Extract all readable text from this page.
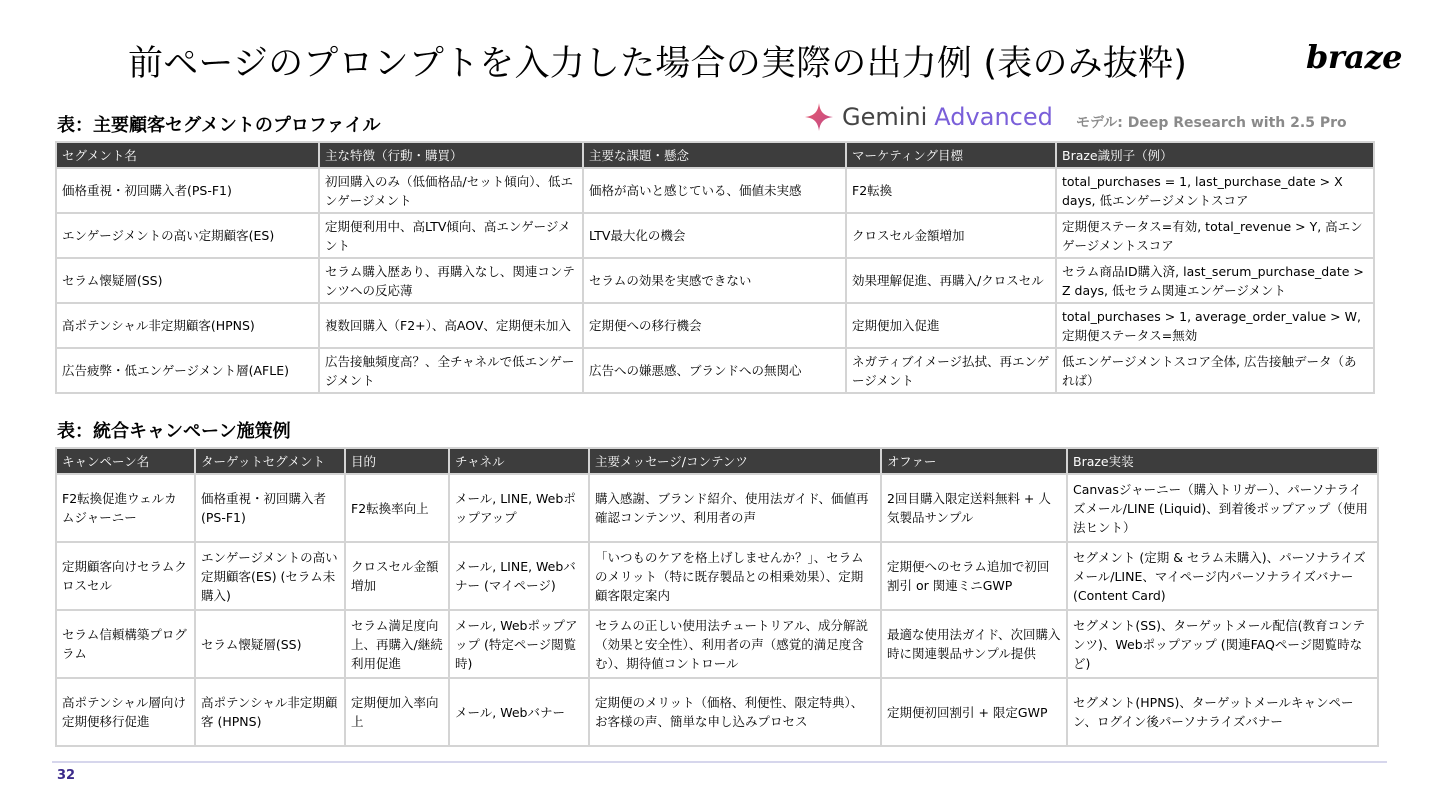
前ページのプロンプトを入力した場合の実際の出力例 (表のみ抜粋)	braze
表：主要顧客セグメントのプロファイル	Gemini Advanced モデル: Deep Research with 2.5 Pro
セグメント名	主な特徴（行動・購買）	主要な課題・懸念	マーケティング目標	Braze識別子（例）
価格重視・初回購入者(PS-F1)	初回購入のみ（低価格品/セット傾向）、低エンゲージメント	価格が高いと感じている、価値未実感	F2転換	total_purchases = 1, last_purchase_date > X days, 低エンゲージメントスコア
エンゲージメントの高い定期顧客(ES)	定期便利用中、高LTV傾向、高エンゲージメント	LTV最大化の機会	クロスセル金額増加	定期便ステータス=有効, total_revenue > Y, 高エンゲージメントスコア
セラム懐疑層(SS)	セラム購入歴あり、再購入なし、関連コンテンツへの反応薄	セラムの効果を実感できない	効果理解促進、再購入/クロスセル	セラム商品ID購入済, last_serum_purchase_date > Z days, 低セラム関連エンゲージメント
高ポテンシャル非定期顧客(HPNS)	複数回購入（F2+）、高AOV、定期便未加入	定期便への移行機会	定期便加入促進	total_purchases > 1, average_order_value > W, 定期便ステータス=無効
広告疲弊・低エンゲージメント層(AFLE)	広告接触頻度高？、全チャネルで低エンゲージメント	広告への嫌悪感、ブランドへの無関心	ネガティブイメージ払拭、再エンゲージメント	低エンゲージメントスコア全体, 広告接触データ（あれば）
表：統合キャンペーン施策例
キャンペーン名	ターゲットセグメント	目的	チャネル	主要メッセージ/コンテンツ	オファー	Braze実装
F2転換促進ウェルカムジャーニー	価格重視・初回購入者(PS-F1)	F2転換率向上	メール, LINE, Webポップアップ	購入感謝、ブランド紹介、使用法ガイド、価値再確認コンテンツ、利用者の声	2回目購入限定送料無料 + 人気製品サンプル	Canvasジャーニー（購入トリガー）、パーソナライズメール/LINE (Liquid)、到着後ポップアップ（使用法ヒント）
定期顧客向けセラムクロスセル	エンゲージメントの高い定期顧客(ES) (セラム未購入)	クロスセル金額増加	メール, LINE, Webバナー (マイページ)	「いつものケアを格上げしませんか？」、セラムのメリット（特に既存製品との相乗効果）、定期顧客限定案内	定期便へのセラム追加で初回割引 or 関連ミニGWP	セグメント (定期 & セラム未購入)、パーソナライズメール/LINE、マイページ内パーソナライズバナー (Content Card)
セラム信頼構築プログラム	セラム懐疑層(SS)	セラム満足度向上、再購入/継続利用促進	メール, Webポップアップ (特定ページ閲覧時)	セラムの正しい使用法チュートリアル、成分解説（効果と安全性）、利用者の声（感覚的満足度含む）、期待値コントロール	最適な使用法ガイド、次回購入時に関連製品サンプル提供	セグメント(SS)、ターゲットメール配信(教育コンテンツ)、Webポップアップ (関連FAQページ閲覧時など)
高ポテンシャル層向け定期便移行促進	高ポテンシャル非定期顧客 (HPNS)	定期便加入率向上	メール, Webバナー	定期便のメリット（価格、利便性、限定特典）、お客様の声、簡単な申し込みプロセス	定期便初回割引 + 限定GWP	セグメント(HPNS)、ターゲットメールキャンペーン、ログイン後パーソナライズバナー
32
